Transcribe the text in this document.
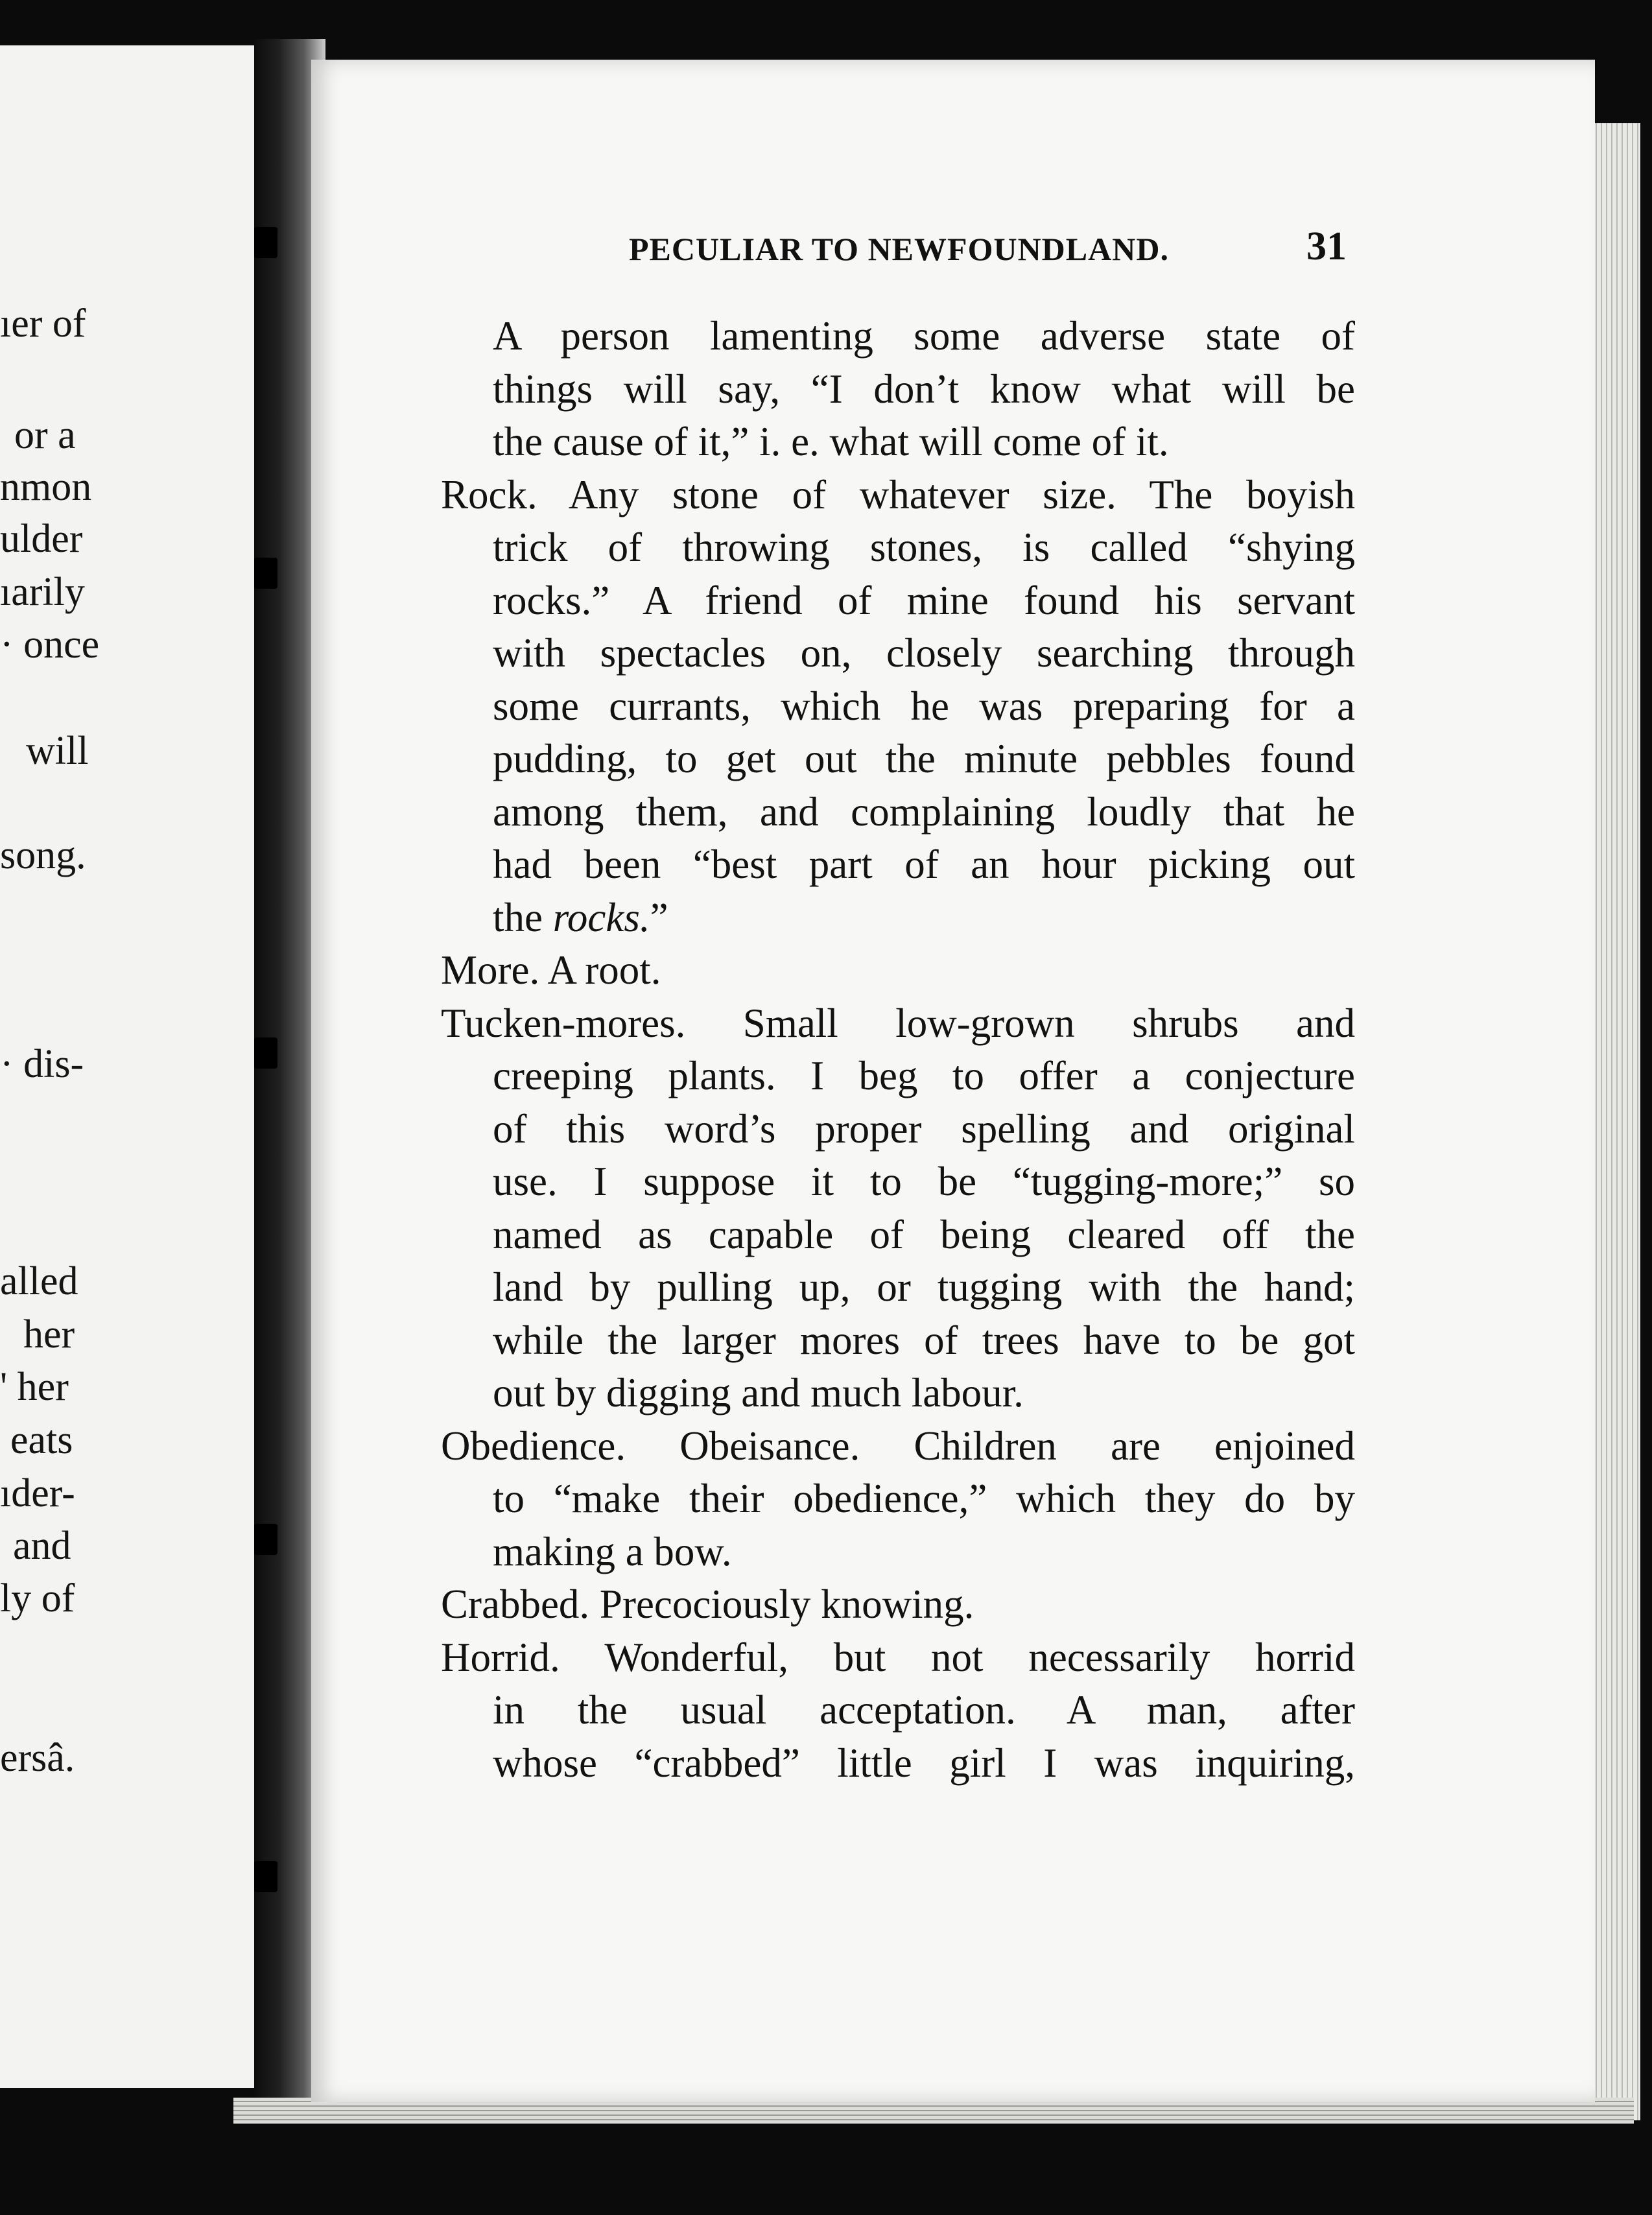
ıer of
or a
nmon
ulder
ıarily
· once
will
song.
· dis-
alled
her
' her
eats
ıder-
and
ly of
ersâ.
PECULIAR TO NEWFOUNDLAND.	31
A person lamenting some adverse state of
things will say, “I don’t know what will be
the cause of it,” i. e. what will come of it.
Rock. Any stone of whatever size. The boyish
trick of throwing stones, is called “shying
rocks.” A friend of mine found his servant
with spectacles on, closely searching through
some currants, which he was preparing for a
pudding, to get out the minute pebbles found
among them, and complaining loudly that he
had been “best part of an hour picking out
the rocks.”
More. A root.
Tucken-mores. Small low-grown shrubs and
creeping plants. I beg to offer a conjecture
of this word’s proper spelling and original
use. I suppose it to be “tugging-more;” so
named as capable of being cleared off the
land by pulling up, or tugging with the hand;
while the larger mores of trees have to be got
out by digging and much labour.
Obedience. Obeisance. Children are enjoined
to “make their obedience,” which they do by
making a bow.
Crabbed. Precociously knowing.
Horrid. Wonderful, but not necessarily horrid
in the usual acceptation. A man, after
whose “crabbed” little girl I was inquiring,
